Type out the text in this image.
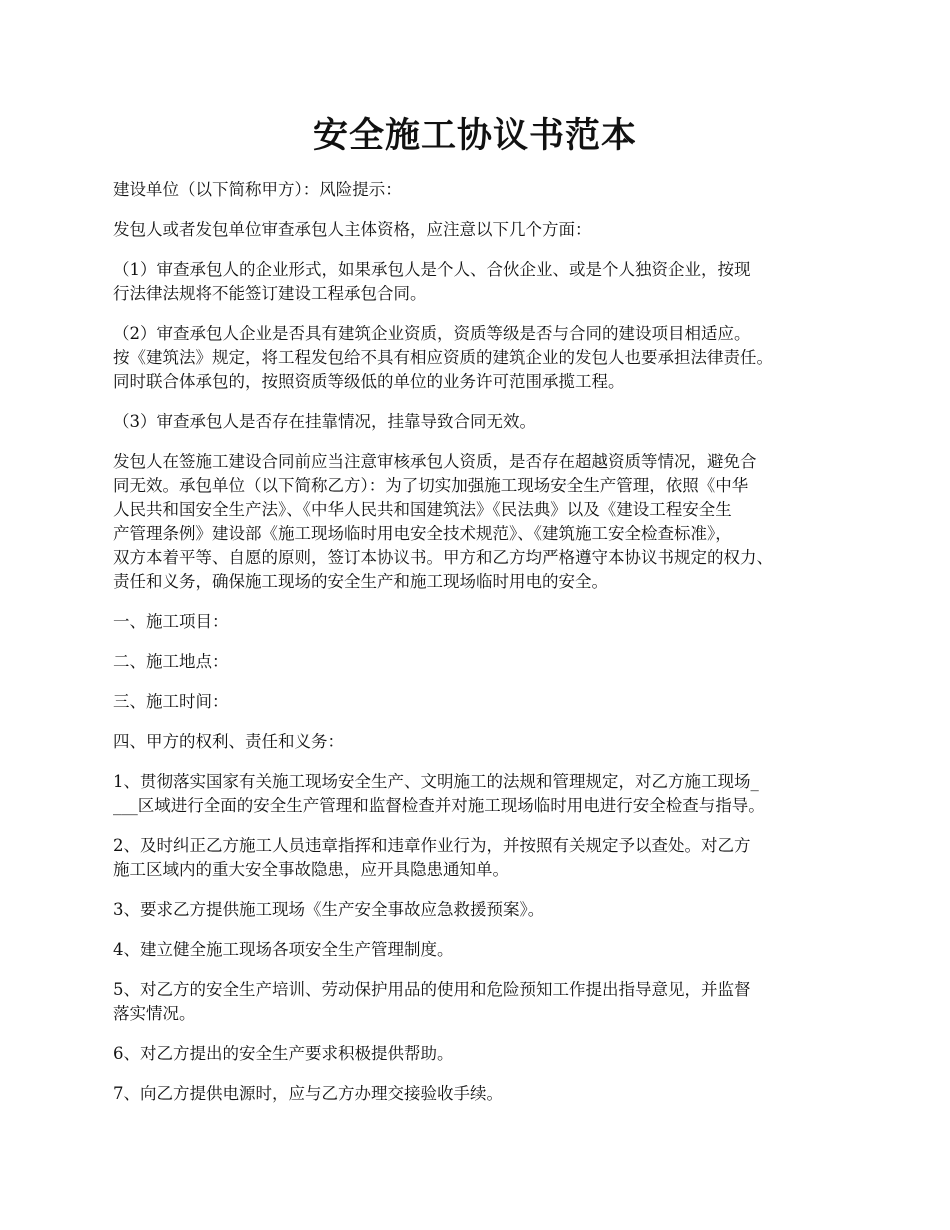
安全施工协议书范本
建设单位（以下简称甲方）：风险提示：
发包人或者发包单位审查承包人主体资格，应注意以下几个方面：
（1）审查承包人的企业形式，如果承包人是个人、合伙企业、或是个人独资企业，按现
行法律法规将不能签订建设工程承包合同。
（2）审查承包人企业是否具有建筑企业资质，资质等级是否与合同的建设项目相适应。
按《建筑法》规定，将工程发包给不具有相应资质的建筑企业的发包人也要承担法律责任。
同时联合体承包的，按照资质等级低的单位的业务许可范围承揽工程。
（3）审查承包人是否存在挂靠情况，挂靠导致合同无效。
发包人在签施工建设合同前应当注意审核承包人资质，是否存在超越资质等情况，避免合
同无效。承包单位（以下简称乙方）：为了切实加强施工现场安全生产管理，依照《中华
人民共和国安全生产法》、《中华人民共和国建筑法》《民法典》以及《建设工程安全生
产管理条例》建设部《施工现场临时用电安全技术规范》、《建筑施工安全检查标准》，
双方本着平等、自愿的原则，签订本协议书。甲方和乙方均严格遵守本协议书规定的权力、
责任和义务，确保施工现场的安全生产和施工现场临时用电的安全。
一、施工项目：
二、施工地点：
三、施工时间：
四、甲方的权利、责任和义务：
1、贯彻落实国家有关施工现场安全生产、文明施工的法规和管理规定，对乙方施工现场_
___区域进行全面的安全生产管理和监督检查并对施工现场临时用电进行安全检查与指导。
2、及时纠正乙方施工人员违章指挥和违章作业行为，并按照有关规定予以查处。对乙方
施工区域内的重大安全事故隐患，应开具隐患通知单。
3、要求乙方提供施工现场《生产安全事故应急救援预案》。
4、建立健全施工现场各项安全生产管理制度。
5、对乙方的安全生产培训、劳动保护用品的使用和危险预知工作提出指导意见，并监督
落实情况。
6、对乙方提出的安全生产要求积极提供帮助。
7、向乙方提供电源时，应与乙方办理交接验收手续。
